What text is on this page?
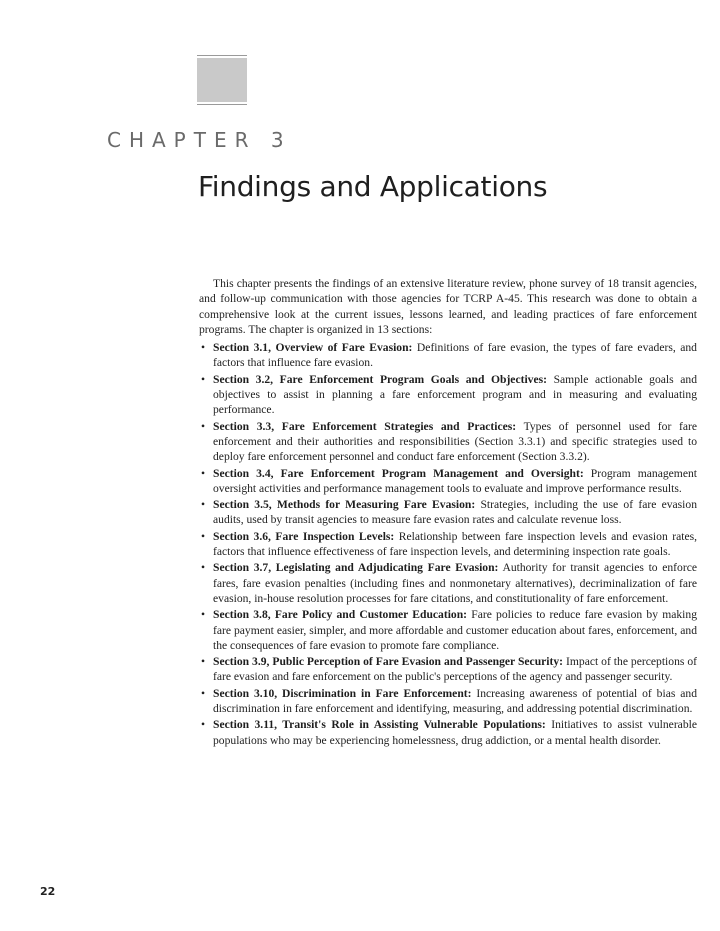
CHAPTER 3
Findings and Applications

This chapter presents the findings of an extensive literature review, phone survey of 18 transit agencies, and follow-up communication with those agencies for TCRP A-45. This research was done to obtain a comprehensive look at the current issues, lessons learned, and leading practices of fare enforcement programs. The chapter is organized in 13 sections:

• Section 3.1, Overview of Fare Evasion: Definitions of fare evasion, the types of fare evaders, and factors that influence fare evasion.
• Section 3.2, Fare Enforcement Program Goals and Objectives: Sample actionable goals and objectives to assist in planning a fare enforcement program and in measuring and evaluating performance.
• Section 3.3, Fare Enforcement Strategies and Practices: Types of personnel used for fare enforcement and their authorities and responsibilities (Section 3.3.1) and specific strategies used to deploy fare enforcement personnel and conduct fare enforcement (Section 3.3.2).
• Section 3.4, Fare Enforcement Program Management and Oversight: Program management oversight activities and performance management tools to evaluate and improve performance results.
• Section 3.5, Methods for Measuring Fare Evasion: Strategies, including the use of fare evasion audits, used by transit agencies to measure fare evasion rates and calculate revenue loss.
• Section 3.6, Fare Inspection Levels: Relationship between fare inspection levels and evasion rates, factors that influence effectiveness of fare inspection levels, and determining inspection rate goals.
• Section 3.7, Legislating and Adjudicating Fare Evasion: Authority for transit agencies to enforce fares, fare evasion penalties (including fines and nonmonetary alternatives), decriminalization of fare evasion, in-house resolution processes for fare citations, and constitutionality of fare enforcement.
• Section 3.8, Fare Policy and Customer Education: Fare policies to reduce fare evasion by making fare payment easier, simpler, and more affordable and customer education about fares, enforcement, and the consequences of fare evasion to promote fare compliance.
• Section 3.9, Public Perception of Fare Evasion and Passenger Security: Impact of the perceptions of fare evasion and fare enforcement on the public's perceptions of the agency and passenger security.
• Section 3.10, Discrimination in Fare Enforcement: Increasing awareness of potential of bias and discrimination in fare enforcement and identifying, measuring, and addressing potential discrimination.
• Section 3.11, Transit's Role in Assisting Vulnerable Populations: Initiatives to assist vulnerable populations who may be experiencing homelessness, drug addiction, or a mental health disorder.
22
